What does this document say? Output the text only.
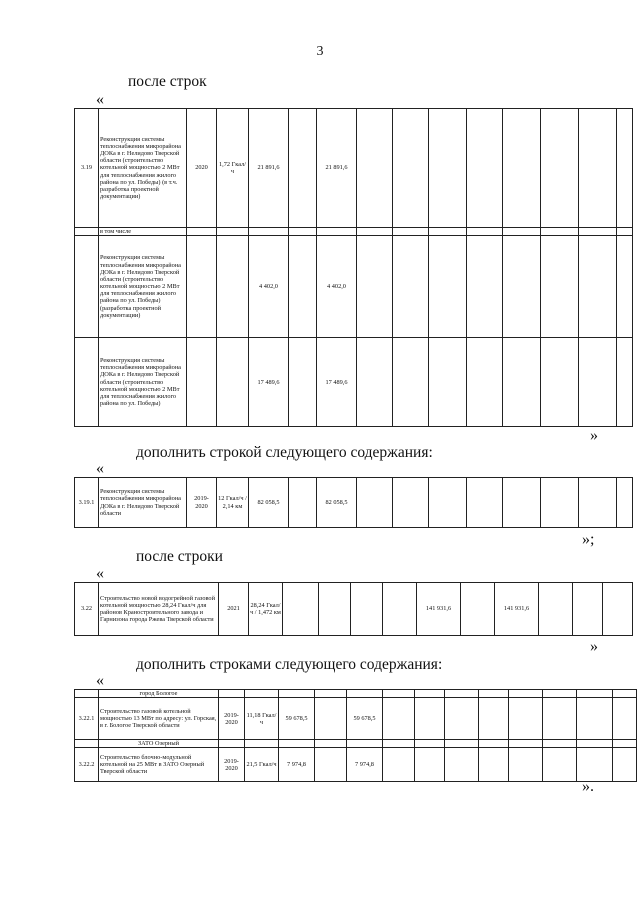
3
после строк
«
3.19	Реконструкция системы теплоснабжения микрорайона ДОКа в г. Нелидово Тверской области (строительство котельной мощностью 2 МВт для теплоснабжения жилого района по ул. Победы) (в т.ч. разработка проектной документации)	2020	1,72 Гкал/ч	21 891,6		21 891,6								
	в том числе													
	Реконструкция системы теплоснабжения микрорайона ДОКа в г. Нелидово Тверской области (строительство котельной мощностью 2 МВт для теплоснабжения жилого района по ул. Победы) (разработка проектной документации)			4 402,0		4 402,0								
	Реконструкция системы теплоснабжения микрорайона ДОКа в г. Нелидово Тверской области (строительство котельной мощностью 2 МВт для теплоснабжения жилого района по ул. Победы)			17 489,6		17 489,6								
»
дополнить строкой следующего содержания:
«
3.19.1	Реконструкция системы теплоснабжения микрорайона ДОКа в г. Нелидово Тверской области	2019-2020	12 Гкал/ч / 2,14 км	82 058,5		82 058,5								
»;
после строки
«
3.22	Строительство новой водогрейной газовой котельной мощностью 28,24 Гкал/ч для районов Краностроительного завода и Гарнизона города Ржева Тверской области	2021	28,24 Гкал/ч / 1,472 км					141 931,6		141 931,6			
»
дополнить строками следующего содержания:
«
	город Бологое													
3.22.1	Строительство газовой котельной мощностью 13 МВт по адресу: ул. Горская, в г. Бологое Тверской области	2019-2020	11,18 Гкал/ч	59 678,5		59 678,5								
	ЗАТО Озерный													
3.22.2	Строительство блочно-модульной котельной на 25 МВт в ЗАТО Озерный Тверской области	2019-2020	21,5 Гкал/ч	7 974,8		7 974,8								
».
